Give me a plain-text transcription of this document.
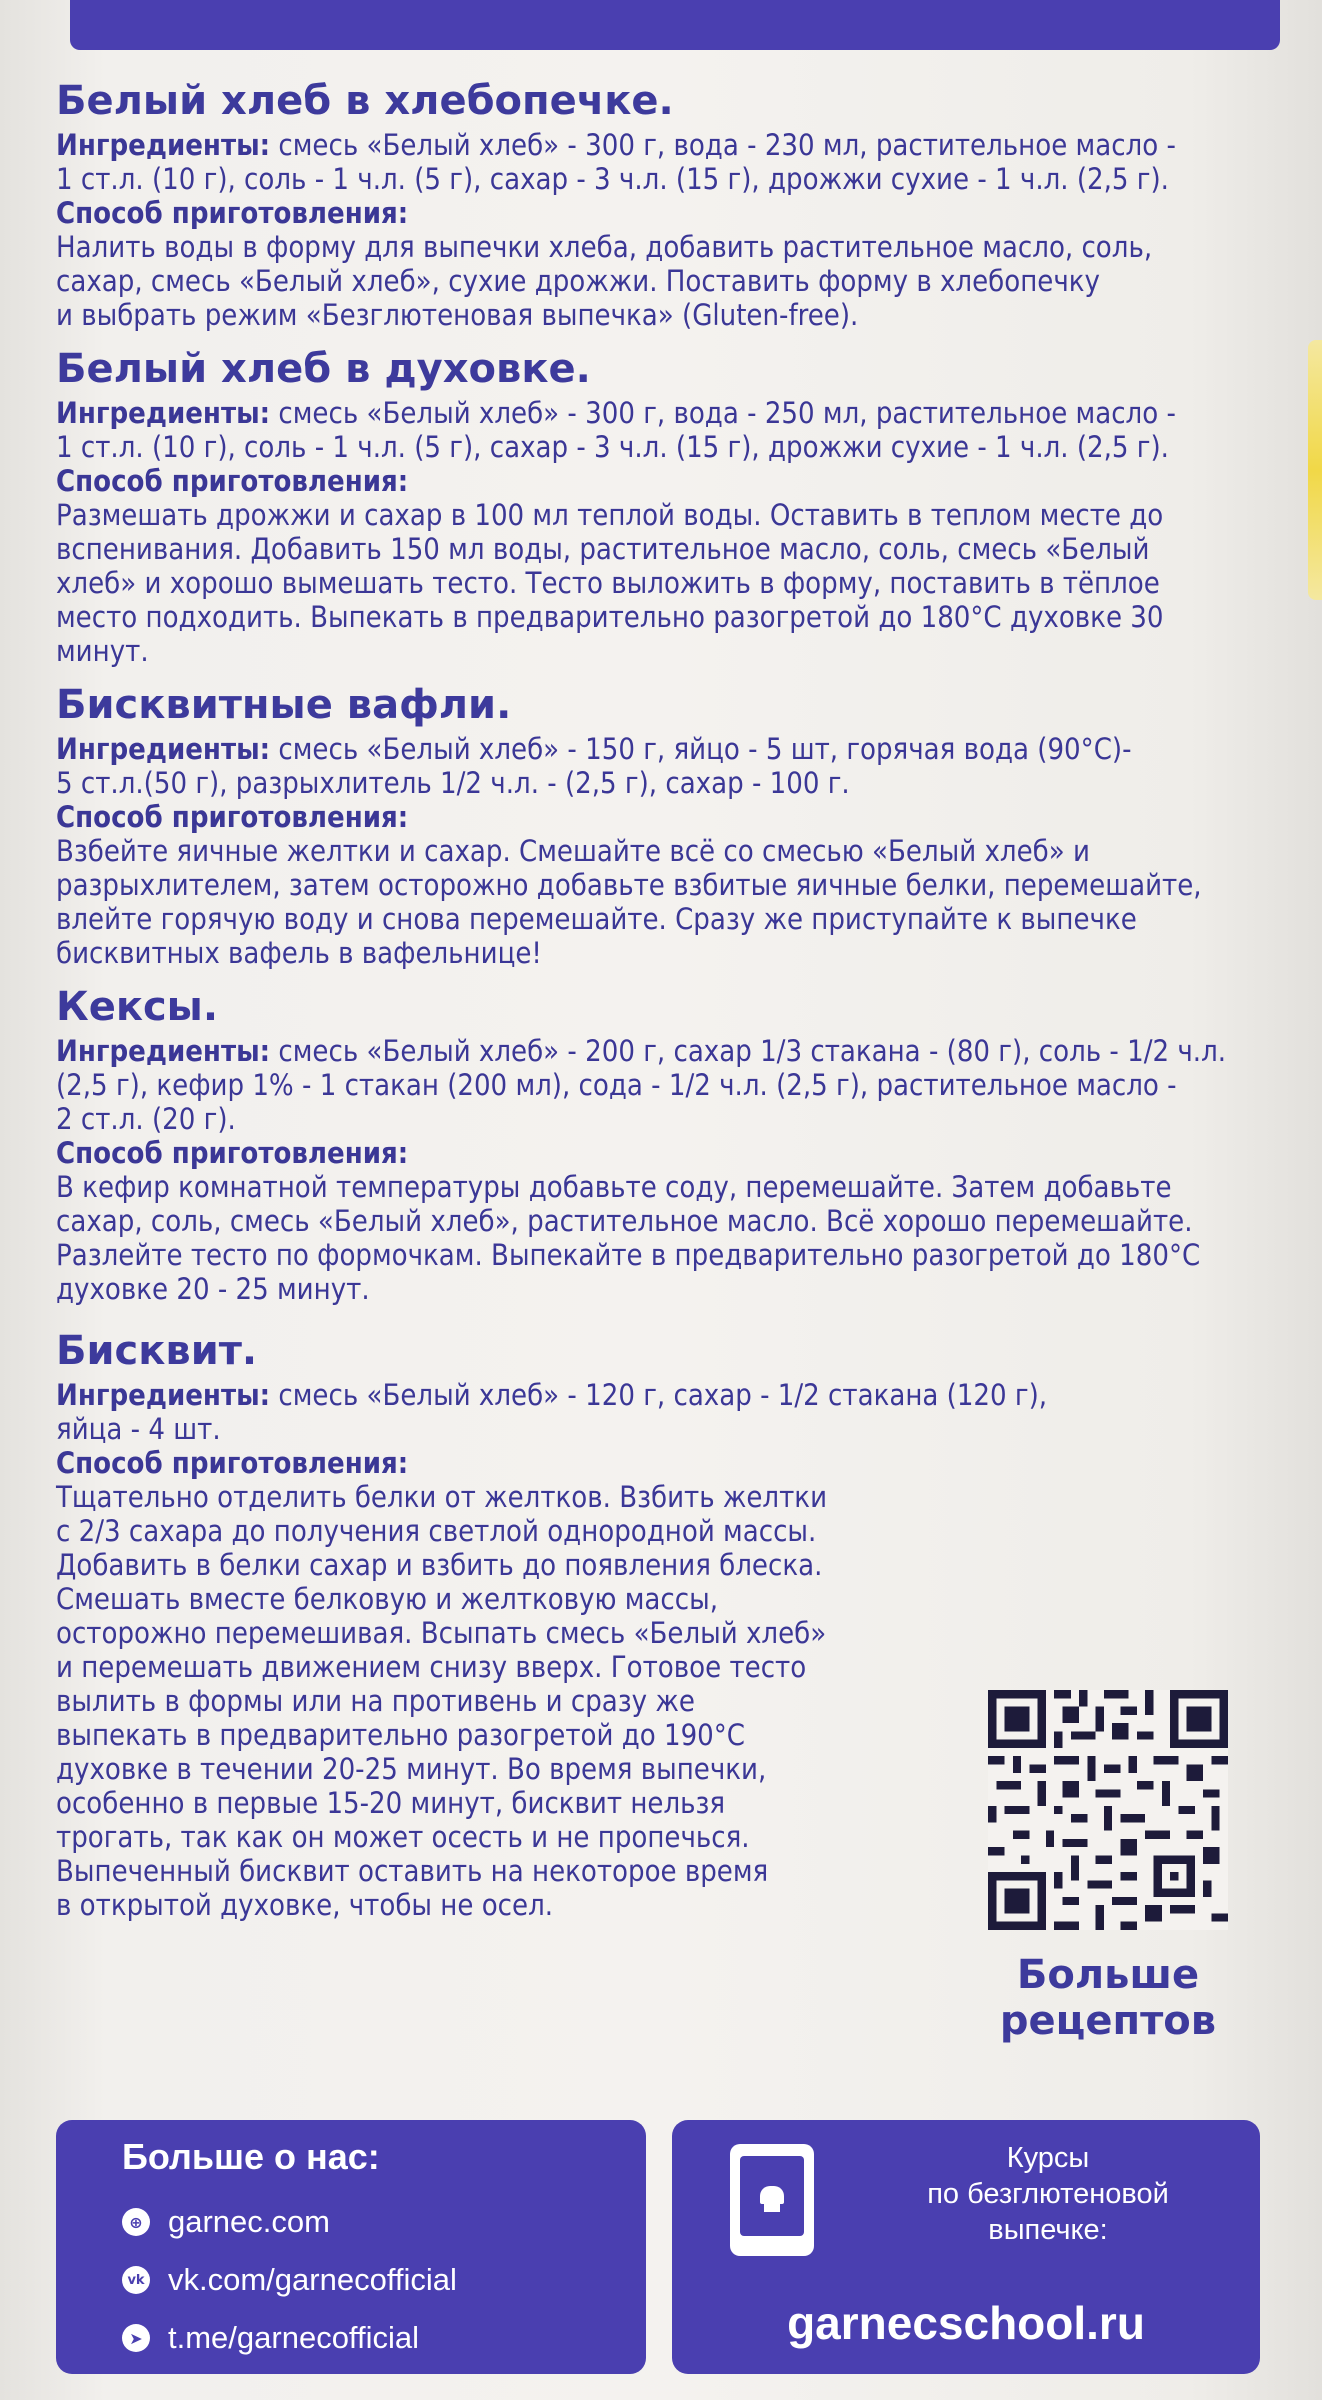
Белый хлеб в хлебопечке.

Ингредиенты: смесь «Белый хлеб» - 300 г, вода - 230 мл, растительное масло -

1 ст.л. (10 г), соль - 1 ч.л. (5 г), сахар - 3 ч.л. (15 г), дрожжи сухие - 1 ч.л. (2,5 г).

Способ приготовления:

Налить воды в форму для выпечки хлеба, добавить растительное масло, соль,

сахар, смесь «Белый хлеб», сухие дрожжи. Поставить форму в хлебопечку

и выбрать режим «Безглютеновая выпечка» (Gluten-free).

Белый хлеб в духовке.

Ингредиенты: смесь «Белый хлеб» - 300 г, вода - 250 мл, растительное масло -

1 ст.л. (10 г), соль - 1 ч.л. (5 г), сахар - 3 ч.л. (15 г), дрожжи сухие - 1 ч.л. (2,5 г).

Способ приготовления:

Размешать дрожжи и сахар в 100 мл теплой воды. Оставить в теплом месте до

вспенивания. Добавить 150 мл воды, растительное масло, соль, смесь «Белый

хлеб» и хорошо вымешать тесто. Тесто выложить в форму, поставить в тёплое

место подходить. Выпекать в предварительно разогретой до 180°С духовке 30

минут.

Бисквитные вафли.

Ингредиенты: смесь «Белый хлеб» - 150 г, яйцо - 5 шт, горячая вода (90°С)-

5 ст.л.(50 г), разрыхлитель 1/2 ч.л. - (2,5 г), сахар - 100 г.

Способ приготовления:

Взбейте яичные желтки и сахар. Смешайте всё со смесью «Белый хлеб» и

разрыхлителем, затем осторожно добавьте взбитые яичные белки, перемешайте,

влейте горячую воду и снова перемешайте. Сразу же приступайте к выпечке

бисквитных вафель в вафельнице!

Кексы.

Ингредиенты: смесь «Белый хлеб» - 200 г, сахар 1/3 стакана - (80 г), соль - 1/2 ч.л.

(2,5 г), кефир 1% - 1 стакан (200 мл), сода - 1/2 ч.л. (2,5 г), растительное масло -

2 ст.л. (20 г).

Способ приготовления:

В кефир комнатной температуры добавьте соду, перемешайте. Затем добавьте

сахар, соль, смесь «Белый хлеб», растительное масло. Всё хорошо перемешайте.

Разлейте тесто по формочкам. Выпекайте в предварительно разогретой до 180°С

духовке 20 - 25 минут.

Бисквит.

Ингредиенты: смесь «Белый хлеб» - 120 г, сахар - 1/2 стакана (120 г),

яйца - 4 шт.

Способ приготовления:

Тщательно отделить белки от желтков. Взбить желтки

с 2/3 сахара до получения светлой однородной массы.

Добавить в белки сахар и взбить до появления блеска.

Смешать вместе белковую и желтковую массы,

осторожно перемешивая. Всыпать смесь «Белый хлеб»

и перемешать движением снизу вверх. Готовое тесто

вылить в формы или на противень и сразу же

выпекать в предварительно разогретой до 190°С

духовке в течении 20-25 минут. Во время выпечки,

особенно в первые 15-20 минут, бисквит нельзя

трогать, так как он может осесть и не пропечься.

Выпеченный бисквит оставить на некоторое время

в открытой духовке, чтобы не осел.

Больше
рецептов
Больше о нас:
⊕ garnec.com
vk vk.com/garnecofficial
➤ t.me/garnecofficial
Курсы
по безглютеновой
выпечке:
garnecschool.ru
